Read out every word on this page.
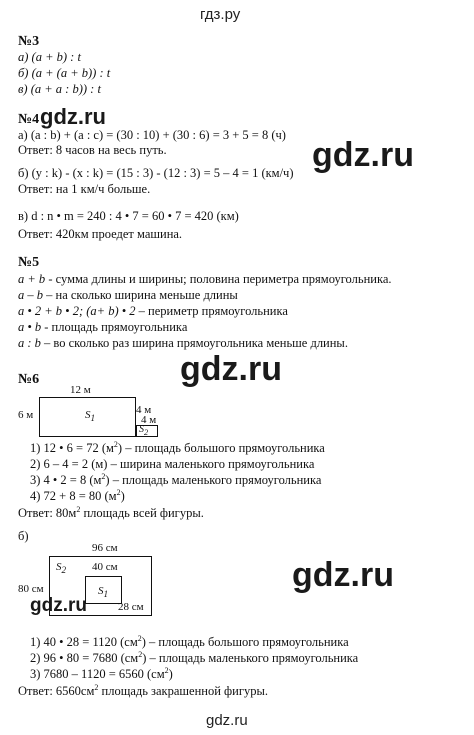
гдз.ру
№3
а) (a + b) : t
б) (a + (a + b)) : t
в) (a + a : b)) : t
№4 gdz.ru
а) (a : b) + (a : c) = (30 : 10) + (30 : 6) = 3 + 5 = 8 (ч)
Ответ: 8 часов на весь путь.	gdz.ru
б) (y : k) - (x : k) = (15 : 3) - (12 : 3) = 5 – 4 = 1 (км/ч)
Ответ: на 1 км/ч больше.
в) d : n • m = 240 : 4 • 7 = 60 • 7 = 420 (км)
Ответ: 420км проедет машина.
№5
a + b - сумма длины и ширины; половина периметра прямоугольника.
a – b – на сколько ширина меньше длины
a • 2 + b • 2; (a+ b) • 2 – периметр прямоугольника
a • b - площадь прямоугольника
a : b – во сколько раз ширина прямоугольника меньше длины.
gdz.ru
№6
12 м
6 м	$S_1$
4 м
4 м
$S_2$
1) 12 • 6 = 72 $(м^2)$ – площадь большого прямоугольника
2) 6 – 4 = 2 (м) – ширина маленького прямоугольника
3) 4 • 2 = 8 $(м^2)$ – площадь маленького прямоугольника
4) 72 + 8 = 80 $(м^2)$
Ответ: $80м^2$ площадь всей фигуры.
б)
96 см
80 см
$S_2$ 40 см
$S_1$
28 см
gdz.ru
gdz.ru
1) 40 • 28 = 1120 $(см^2)$ – площадь большого прямоугольника
2) 96 • 80 = 7680 $(см^2)$ – площадь маленького прямоугольника
3) 7680 – 1120 = 6560 $(см^2)$
Ответ: $6560см^2$ площадь закрашенной фигуры.
gdz.ru
